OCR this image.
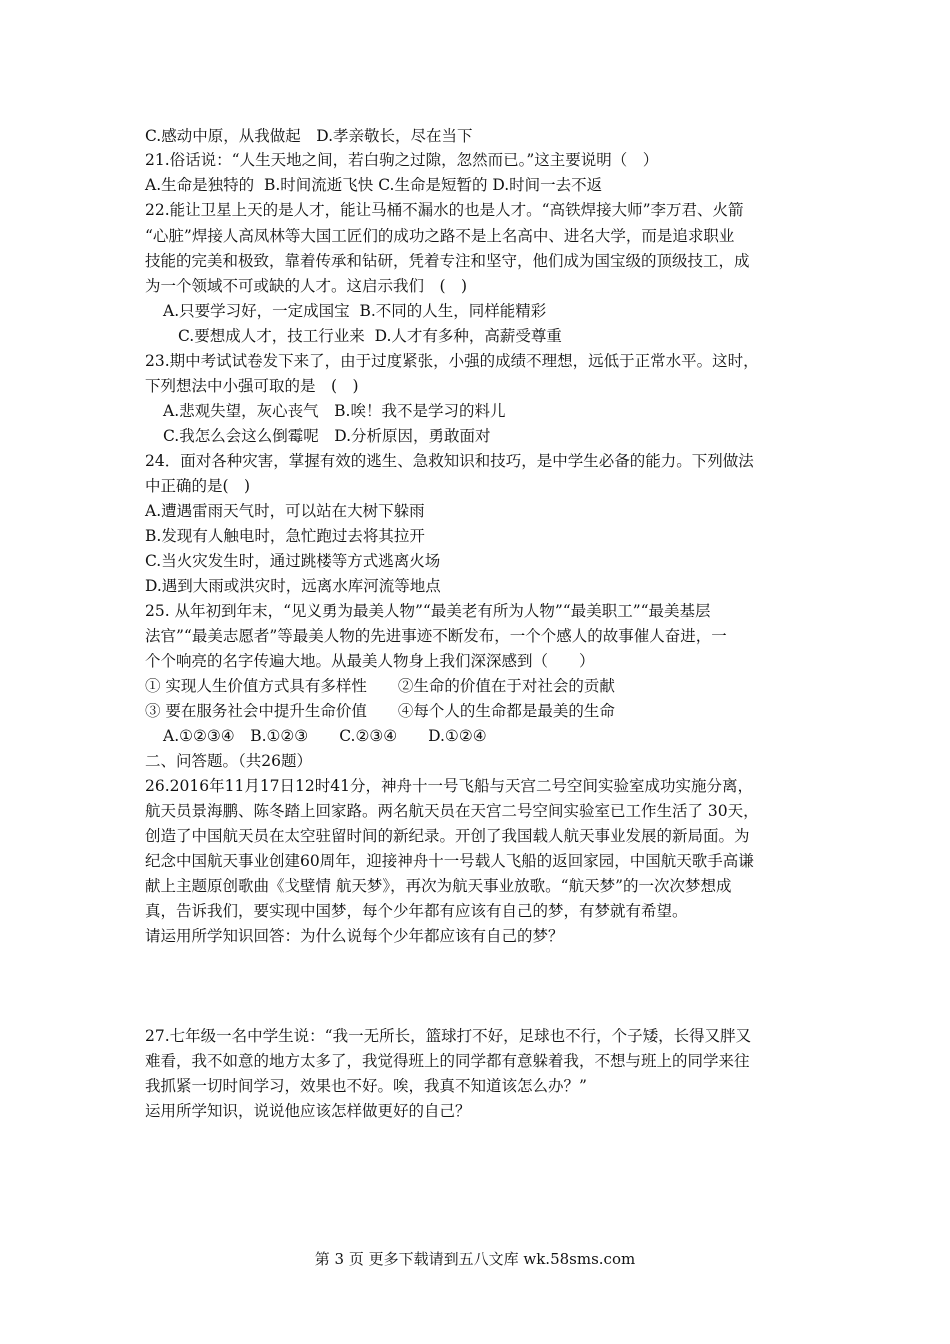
C.感动中原，从我做起　D.孝亲敬长，尽在当下

21.俗话说：“人生天地之间，若白驹之过隙，忽然而已。”这主要说明（　）

A.生命是独特的  B.时间流逝飞快 C.生命是短暂的 D.时间一去不返

22.能让卫星上天的是人才，能让马桶不漏水的也是人才。“高铁焊接大师”李万君、火箭

“心脏”焊接人高凤林等大国工匠们的成功之路不是上名高中、进名大学，而是追求职业

技能的完美和极致，靠着传承和钻研，凭着专注和坚守，他们成为国宝级的顶级技工，成

为一个领域不可或缺的人才。这启示我们　(　)

A.只要学习好，一定成国宝  B.不同的人生，同样能精彩

C.要想成人才，技工行业来  D.人才有多种，高薪受尊重

23.期中考试试卷发下来了，由于过度紧张，小强的成绩不理想，远低于正常水平。这时，

下列想法中小强可取的是　(　)

A.悲观失望，灰心丧气　B.唉！我不是学习的料儿

C.我怎么会这么倒霉呢　D.分析原因，勇敢面对

24．面对各种灾害，掌握有效的逃生、急救知识和技巧，是中学生必备的能力。下列做法

中正确的是(　)

A.遭遇雷雨天气时，可以站在大树下躲雨

B.发现有人触电时，急忙跑过去将其拉开

C.当火灾发生时，通过跳楼等方式逃离火场

D.遇到大雨或洪灾时，远离水库河流等地点

25. 从年初到年末，“见义勇为最美人物”“最美老有所为人物”“最美职工”“最美基层

法官”“最美志愿者”等最美人物的先进事迹不断发布，一个个感人的故事催人奋进，一

个个响亮的名字传遍大地。从最美人物身上我们深深感到（　　）

① 实现人生价值方式具有多样性　　②生命的价值在于对社会的贡献

③ 要在服务社会中提升生命价值　　④每个人的生命都是最美的生命

A.①②③④　B.①②③　　C.②③④　　D.①②④

二、问答题。（共26题）

26.2016年11月17日12时41分，神舟十一号飞船与天宫二号空间实验室成功实施分离，

航天员景海鹏、陈冬踏上回家路。两名航天员在天宫二号空间实验室已工作生活了 30天，

创造了中国航天员在太空驻留时间的新纪录。开创了我国载人航天事业发展的新局面。为

纪念中国航天事业创建60周年，迎接神舟十一号载人飞船的返回家园，中国航天歌手高谦

献上主题原创歌曲《戈壁情 航天梦》，再次为航天事业放歌。“航天梦”的一次次梦想成

真，告诉我们，要实现中国梦，每个少年都有应该有自己的梦，有梦就有希望。

请运用所学知识回答：为什么说每个少年都应该有自己的梦？

27.七年级一名中学生说：“我一无所长，篮球打不好，足球也不行，个子矮，长得又胖又

难看，我不如意的地方太多了，我觉得班上的同学都有意躲着我，不想与班上的同学来往

我抓紧一切时间学习，效果也不好。唉，我真不知道该怎么办？”

运用所学知识，说说他应该怎样做更好的自己？

第 3 页 更多下载请到五八文库 wk.58sms.com
